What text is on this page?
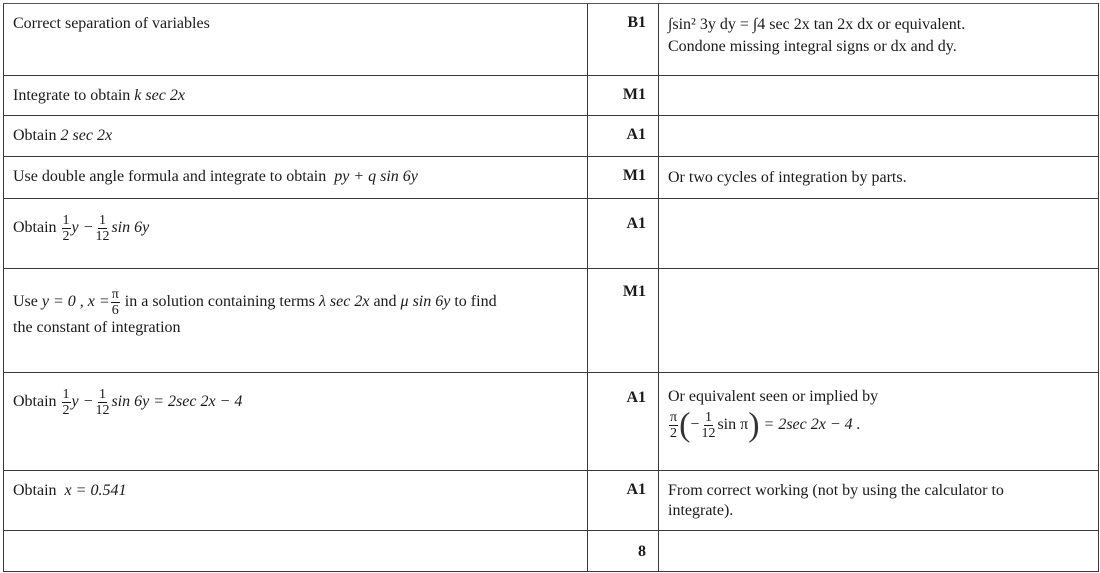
Correct separation of variables	B1	∫sin² 3y dy = ∫4 sec 2x tan 2x dx or equivalent.
Condone missing integral signs or dx and dy.

Integrate to obtain k sec 2x	M1	

Obtain 2 sec 2x	A1	

Use double angle formula and integrate to obtain py + q sin 6y	M1	Or two cycles of integration by parts.

Obtain $\frac{1}{2}$ $y - \frac{1}{12}$ sin 6y	A1

Use y = 0 , $x = \frac{\pi}{6}$ in a solution containing terms λ sec 2x and μ sin 6y to find
the constant of integration	M1	

Obtain $\frac{1}{2}$ $y - \frac{1}{12}$ sin 6y = 2sec 2x − 4	A1	Or equivalent seen or implied by
$\frac{\pi}{2}$ (− $\frac{1}{12}$ sin π) = 2sec 2x − 4 .

Obtain x = 0.541	A1	From correct working (not by using the calculator to integrate).

	8	
